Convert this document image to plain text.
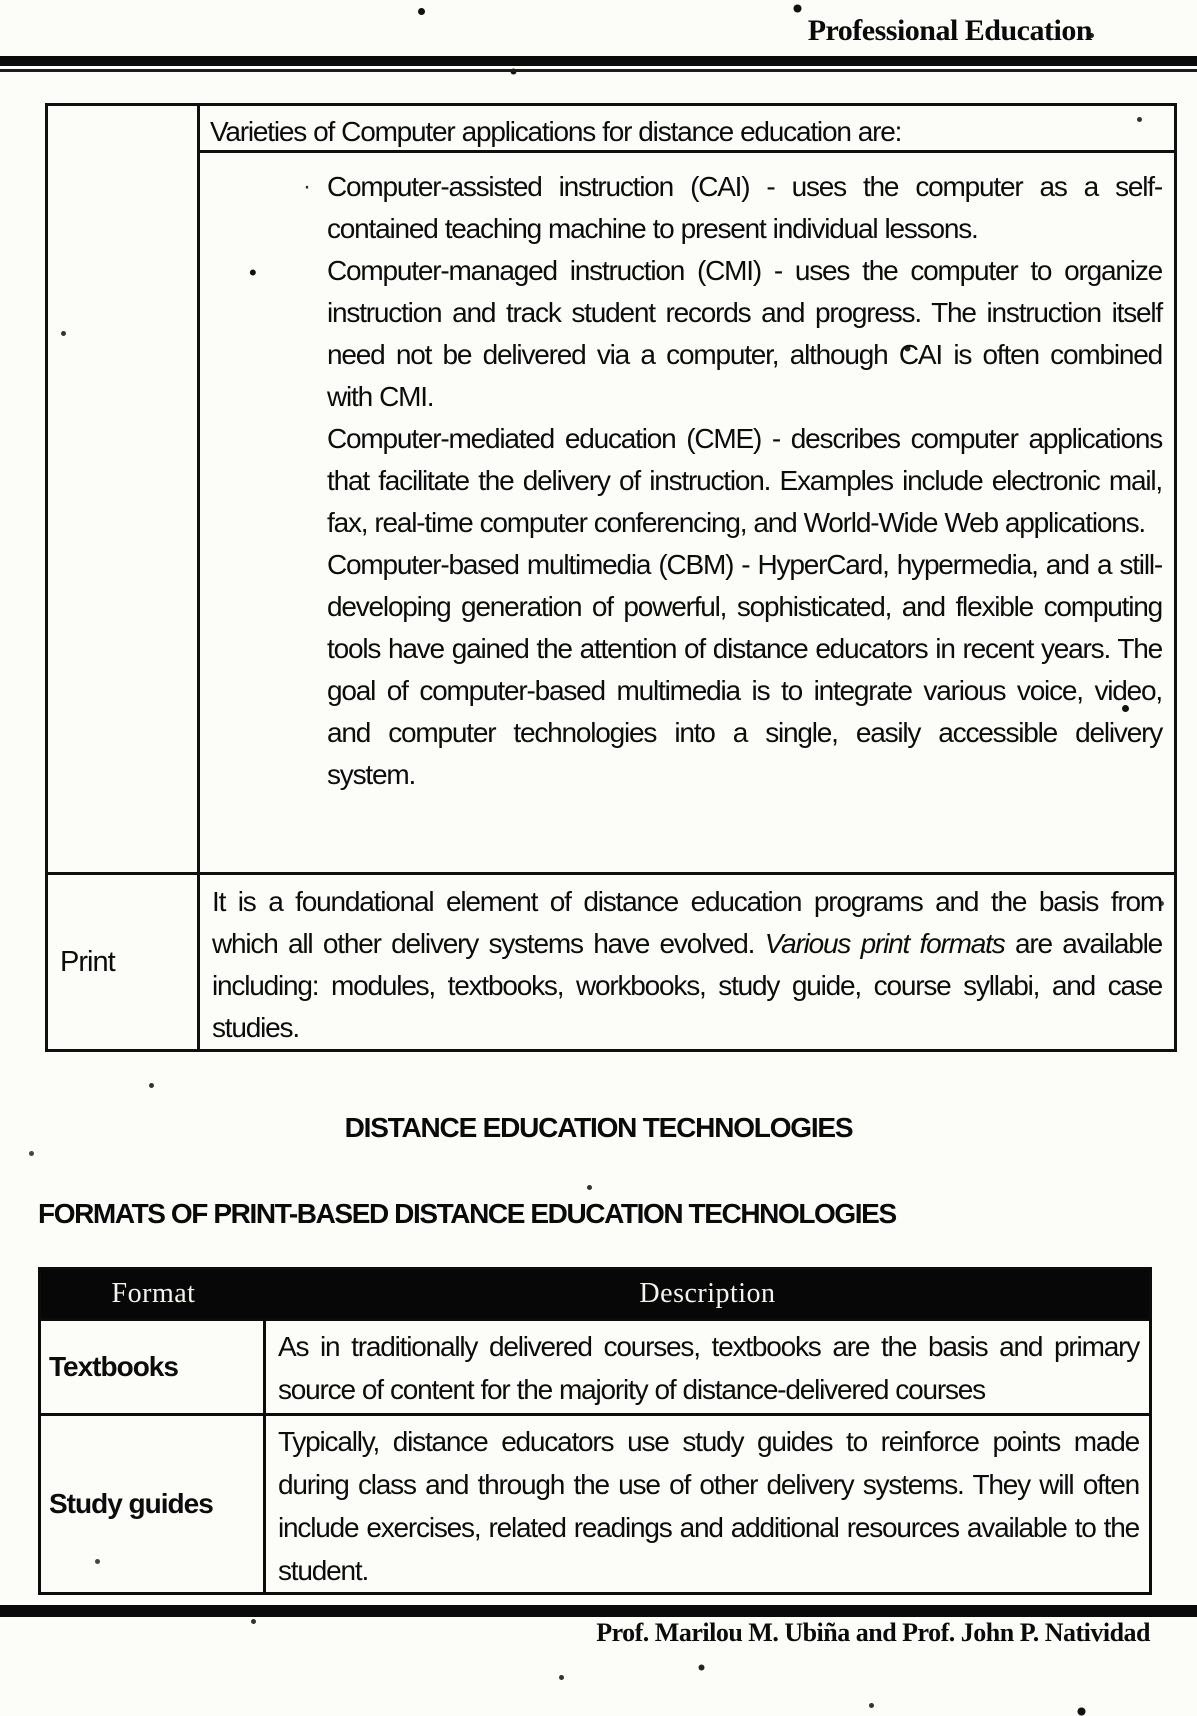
Professional Education
Varieties of Computer applications for distance education are:

· Computer-assisted instruction (CAI) - uses the computer as a self-contained teaching machine to present individual lessons.

•	Computer-managed instruction (CMI) - uses the computer to organize instruction and track student records and progress. The instruction itself need not be delivered via a computer, although CAI is often combined with CMI.

Computer-mediated education (CME) - describes computer applications that facilitate the delivery of instruction. Examples include electronic mail, fax, real-time computer conferencing, and World-Wide Web applications.

Computer-based multimedia (CBM) - HyperCard, hypermedia, and a still-developing generation of powerful, sophisticated, and flexible computing tools have gained the attention of distance educators in recent years. The goal of computer-based multimedia is to integrate various voice, video, and computer technologies into a single, easily accessible delivery system.

Print
It is a foundational element of distance education programs and the basis from which all other delivery systems have evolved. Various print formats are available including: modules, textbooks, workbooks, study guide, course syllabi, and case studies.
DISTANCE EDUCATION TECHNOLOGIES
FORMATS OF PRINT-BASED DISTANCE EDUCATION TECHNOLOGIES
Format	Description
Textbooks
As in traditionally delivered courses, textbooks are the basis and primary source of content for the majority of distance-delivered courses
Study guides
Typically, distance educators use study guides to reinforce points made during class and through the use of other delivery systems. They will often include exercises, related readings and additional resources available to the student.
Prof. Marilou M. Ubiña and Prof. John P. Natividad
